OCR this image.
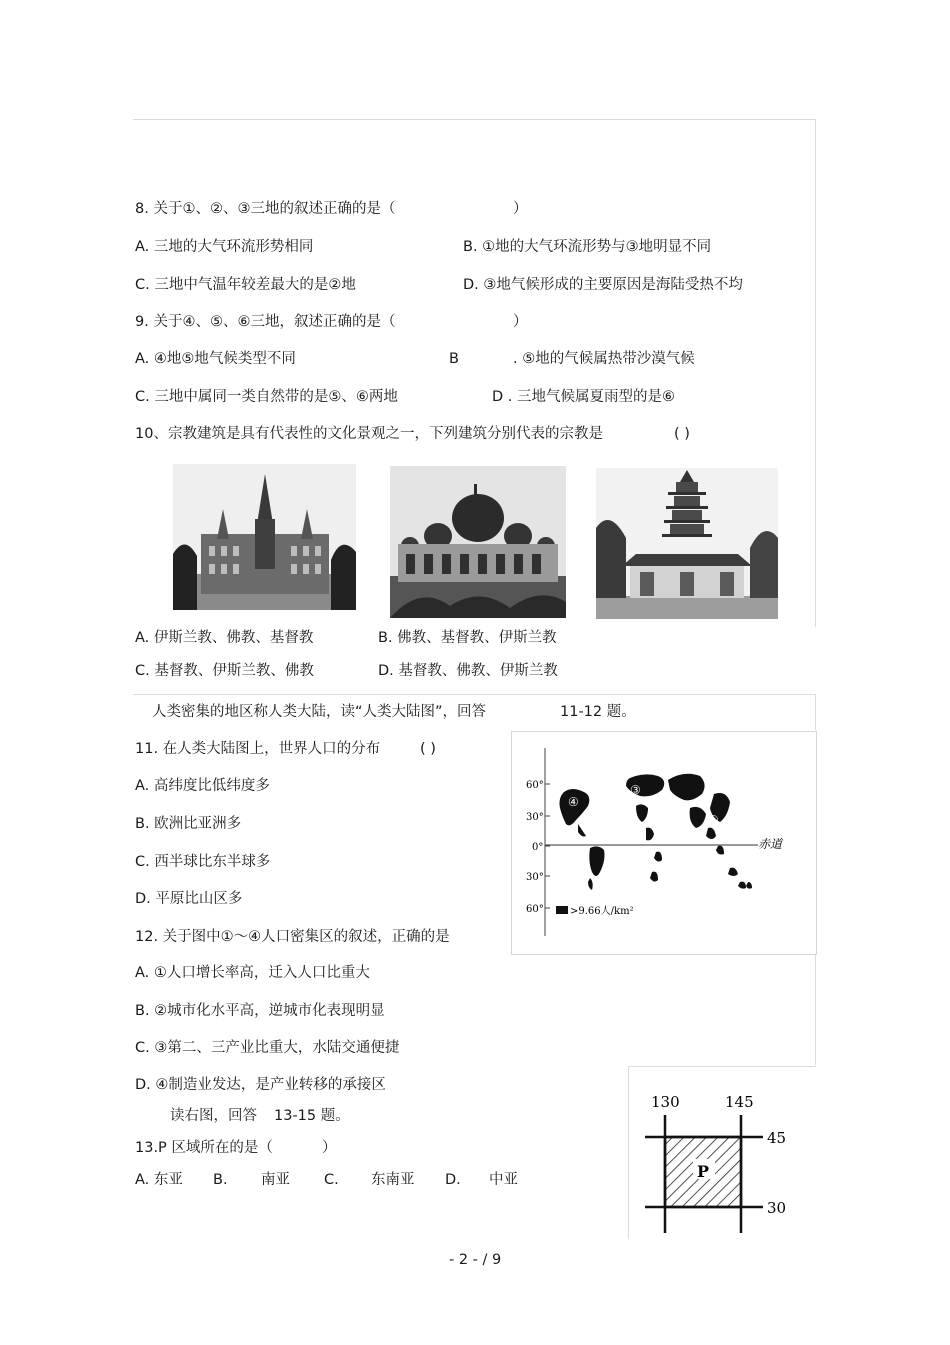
8. 关于①、②、③三地的叙述正确的是（	）
A. 三地的大气环流形势相同	B. ①地的大气环流形势与③地明显不同
C. 三地中气温年较差最大的是②地	D. ③地气候形成的主要原因是海陆受热不均
9. 关于④、⑤、⑥三地，叙述正确的是（	）
A. ④地⑤地气候类型不同	B	. ⑤地的气候属热带沙漠气候
C. 三地中属同一类自然带的是⑤、⑥两地	D . 三地气候属夏雨型的是⑥
10、宗教建筑是具有代表性的文化景观之一，下列建筑分别代表的宗教是	( )
A. 伊斯兰教、佛教、基督教	B. 佛教、基督教、伊斯兰教
C. 基督教、伊斯兰教、佛教	D. 基督教、佛教、伊斯兰教
人类密集的地区称人类大陆，读“人类大陆图”，回答	11-12 题。
11. 在人类大陆图上，世界人口的分布	( )
A. 高纬度比低纬度多
B. 欧洲比亚洲多
C. 西半球比东半球多
D. 平原比山区多
60°
30°
0°
30°
60°
赤道
④
③
②
①
>9.66人/km²
12. 关于图中①～④人口密集区的叙述，正确的是
A. ①人口增长率高，迁入人口比重大
B. ②城市化水平高，逆城市化表现明显
C. ③第二、三产业比重大，水陆交通便捷
D. ④制造业发达，是产业转移的承接区
读右图，回答 13-15 题。
13.P 区域所在的是（	）
A. 东亚 B. 南亚 C. 东南亚 D. 中亚
130	145
45
30
P
- 2 - / 9
